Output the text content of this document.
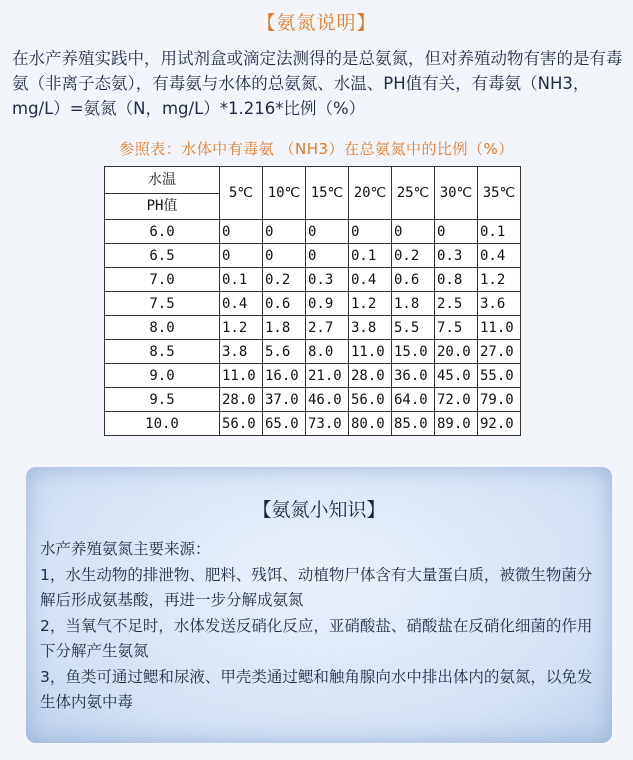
【氨氮说明】
在水产养殖实践中，用试剂盒或滴定法测得的是总氨氮，但对养殖动物有害的是有毒氨（非离子态氨），有毒氨与水体的总氨氮、水温、PH值有关，有毒氨（NH3，mg/L）=氨氮（N，mg/L）*1.216*比例（%）
参照表：水体中有毒氨 （NH3）在总氨氮中的比例（%）
水温
PH值	5℃	10℃	15℃	20℃	25℃	30℃	35℃
6.0	0	0	0	0	0	0	0.1
6.5	0	0	0	0.1	0.2	0.3	0.4
7.0	0.1	0.2	0.3	0.4	0.6	0.8	1.2
7.5	0.4	0.6	0.9	1.2	1.8	2.5	3.6
8.0	1.2	1.8	2.7	3.8	5.5	7.5	11.0
8.5	3.8	5.6	8.0	11.0	15.0	20.0	27.0
9.0	11.0	16.0	21.0	28.0	36.0	45.0	55.0
9.5	28.0	37.0	46.0	56.0	64.0	72.0	79.0
10.0	56.0	65.0	73.0	80.0	85.0	89.0	92.0
【氨氮小知识】

水产养殖氨氮主要来源：

1，水生动物的排泄物、肥料、残饵、动植物尸体含有大量蛋白质，被微生物菌分解后形成氨基酸，再进一步分解成氨氮

2，当氧气不足时，水体发送反硝化反应，亚硝酸盐、硝酸盐在反硝化细菌的作用下分解产生氨氮

3，鱼类可通过鳃和尿液、甲壳类通过鳃和触角腺向水中排出体内的氨氮，以免发生体内氨中毒
